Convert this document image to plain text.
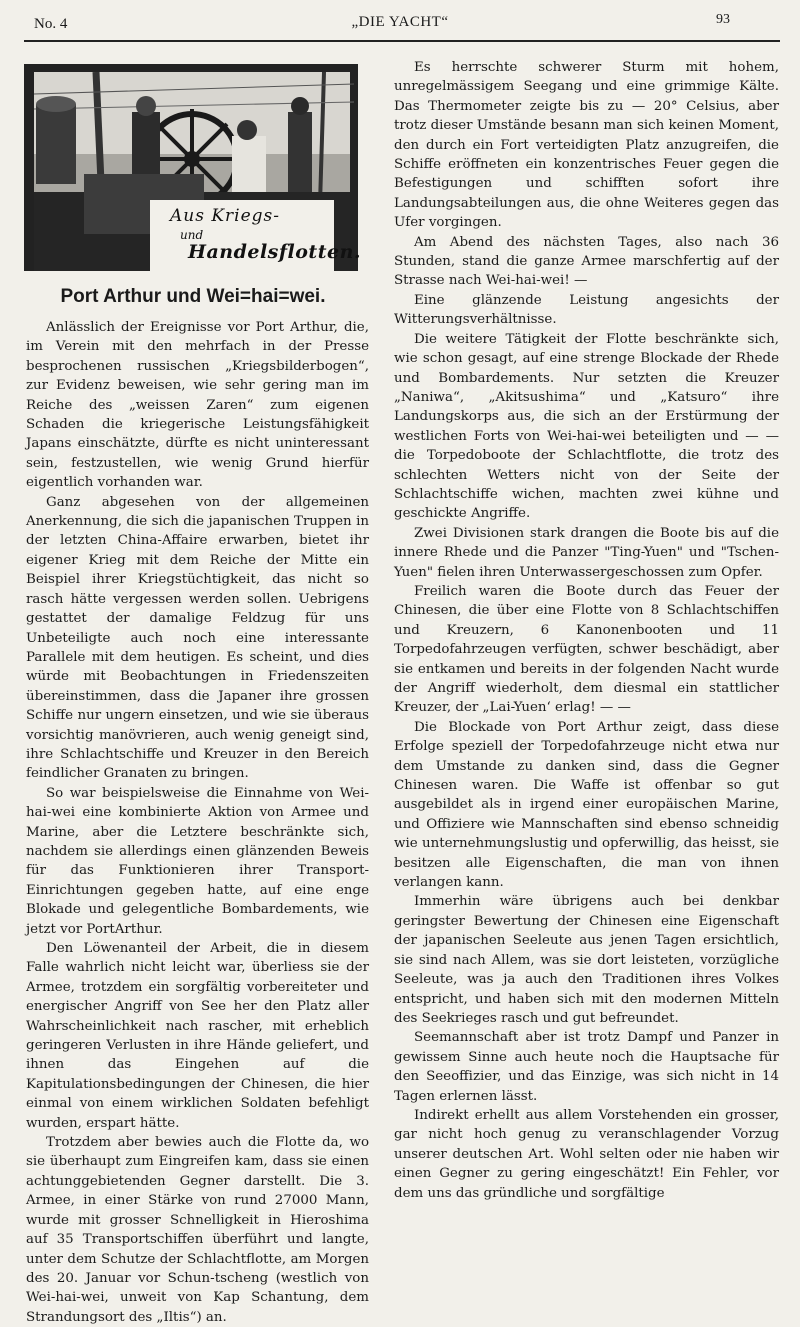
No. 4	„DIE YACHT“	93
Aus Kriegs-
und
Handelsflotten.
Port Arthur und Wei=hai=wei.

Anlässlich der Ereignisse vor Port Arthur, die, im Verein mit den mehrfach in der Presse besprochenen russischen „Kriegsbilderbogen“, zur Evidenz beweisen, wie sehr gering man im Reiche des „weissen Zaren“ zum eigenen Schaden die kriegerische Leistungsfähigkeit Japans einschätzte, dürfte es nicht uninteressant sein, festzustellen, wie wenig Grund hierfür eigentlich vorhanden war.

Ganz abgesehen von der allgemeinen Anerkennung, die sich die japanischen Truppen in der letzten China-Affaire erwarben, bietet ihr eigener Krieg mit dem Reiche der Mitte ein Beispiel ihrer Kriegstüchtigkeit, das nicht so rasch hätte vergessen werden sollen. Uebrigens gestattet der damalige Feldzug für uns Unbeteiligte auch noch eine interessante Parallele mit dem heutigen. Es scheint, und dies würde mit Beobachtungen in Friedenszeiten übereinstimmen, dass die Japaner ihre grossen Schiffe nur ungern einsetzen, und wie sie überaus vorsichtig manövrieren, auch wenig geneigt sind, ihre Schlachtschiffe und Kreuzer in den Bereich feindlicher Granaten zu bringen.

So war beispielsweise die Einnahme von Wei-hai-wei eine kombinierte Aktion von Armee und Marine, aber die Letztere beschränkte sich, nachdem sie allerdings einen glänzenden Beweis für das Funktionieren ihrer Transport-Einrichtungen gegeben hatte, auf eine enge Blokade und gelegentliche Bombardements, wie jetzt vor PortArthur.

Den Löwenanteil der Arbeit, die in diesem Falle wahrlich nicht leicht war, überliess sie der Armee, trotzdem ein sorgfältig vorbereiteter und energischer Angriff von See her den Platz aller Wahrscheinlichkeit nach rascher, mit erheblich geringeren Verlusten in ihre Hände geliefert, und ihnen das Eingehen auf die Kapitulationsbedingungen der Chinesen, die hier einmal von einem wirklichen Soldaten befehligt wurden, erspart hätte.

Trotzdem aber bewies auch die Flotte da, wo sie überhaupt zum Eingreifen kam, dass sie einen achtunggebietenden Gegner darstellt. Die 3. Armee, in einer Stärke von rund 27000 Mann, wurde mit grosser Schnelligkeit in Hieroshima auf 35 Transportschiffen überführt und langte, unter dem Schutze der Schlachtflotte, am Morgen des 20. Januar vor Schun-tscheng (westlich von Wei-hai-wei, unweit von Kap Schantung, dem Strandungsort des „Iltis“) an.

Es herrschte schwerer Sturm mit hohem, unregelmässigem Seegang und eine grimmige Kälte. Das Thermometer zeigte bis zu — 20° Celsius, aber trotz dieser Umstände besann man sich keinen Moment, den durch ein Fort verteidigten Platz anzugreifen, die Schiffe eröffneten ein konzentrisches Feuer gegen die Befestigungen und schifften sofort ihre Landungsabteilungen aus, die ohne Weiteres gegen das Ufer vorgingen.

Am Abend des nächsten Tages, also nach 36 Stunden, stand die ganze Armee marschfertig auf der Strasse nach Wei-hai-wei! —

Eine glänzende Leistung angesichts der Witterungsverhältnisse.

Die weitere Tätigkeit der Flotte beschränkte sich, wie schon gesagt, auf eine strenge Blockade der Rhede und Bombardements. Nur setzten die Kreuzer „Naniwa“, „Akitsushima“ und „Katsuro“ ihre Landungskorps aus, die sich an der Erstürmung der westlichen Forts von Wei-hai-wei beteiligten und — — die Torpedoboote der Schlachtflotte, die trotz des schlechten Wetters nicht von der Seite der Schlachtschiffe wichen, machten zwei kühne und geschickte Angriffe.

Zwei Divisionen stark drangen die Boote bis auf die innere Rhede und die Panzer "Ting-Yuen" und "Tschen-Yuen" fielen ihren Unterwassergeschossen zum Opfer.

Freilich waren die Boote durch das Feuer der Chinesen, die über eine Flotte von 8 Schlachtschiffen und Kreuzern, 6 Kanonenbooten und 11 Torpedofahrzeugen verfügten, schwer beschädigt, aber sie entkamen und bereits in der folgenden Nacht wurde der Angriff wiederholt, dem diesmal ein stattlicher Kreuzer, der „Lai-Yuen‘ erlag! — —

Die Blockade von Port Arthur zeigt, dass diese Erfolge speziell der Torpedofahrzeuge nicht etwa nur dem Umstande zu danken sind, dass die Gegner Chinesen waren. Die Waffe ist offenbar so gut ausgebildet als in irgend einer europäischen Marine, und Offiziere wie Mannschaften sind ebenso schneidig wie unternehmungslustig und opferwillig, das heisst, sie besitzen alle Eigenschaften, die man von ihnen verlangen kann.

Immerhin wäre übrigens auch bei denkbar geringster Bewertung der Chinesen eine Eigenschaft der japanischen Seeleute aus jenen Tagen ersichtlich, sie sind nach Allem, was sie dort leisteten, vorzügliche Seeleute, was ja auch den Traditionen ihres Volkes entspricht, und haben sich mit den modernen Mitteln des Seekrieges rasch und gut befreundet.

Seemannschaft aber ist trotz Dampf und Panzer in gewissem Sinne auch heute noch die Hauptsache für den Seeoffizier, und das Einzige, was sich nicht in 14 Tagen erlernen lässt.

Indirekt erhellt aus allem Vorstehenden ein grosser, gar nicht hoch genug zu veranschlagender Vorzug unserer deutschen Art. Wohl selten oder nie haben wir einen Gegner zu gering eingeschätzt! Ein Fehler, vor dem uns das gründliche und sorgfältige
